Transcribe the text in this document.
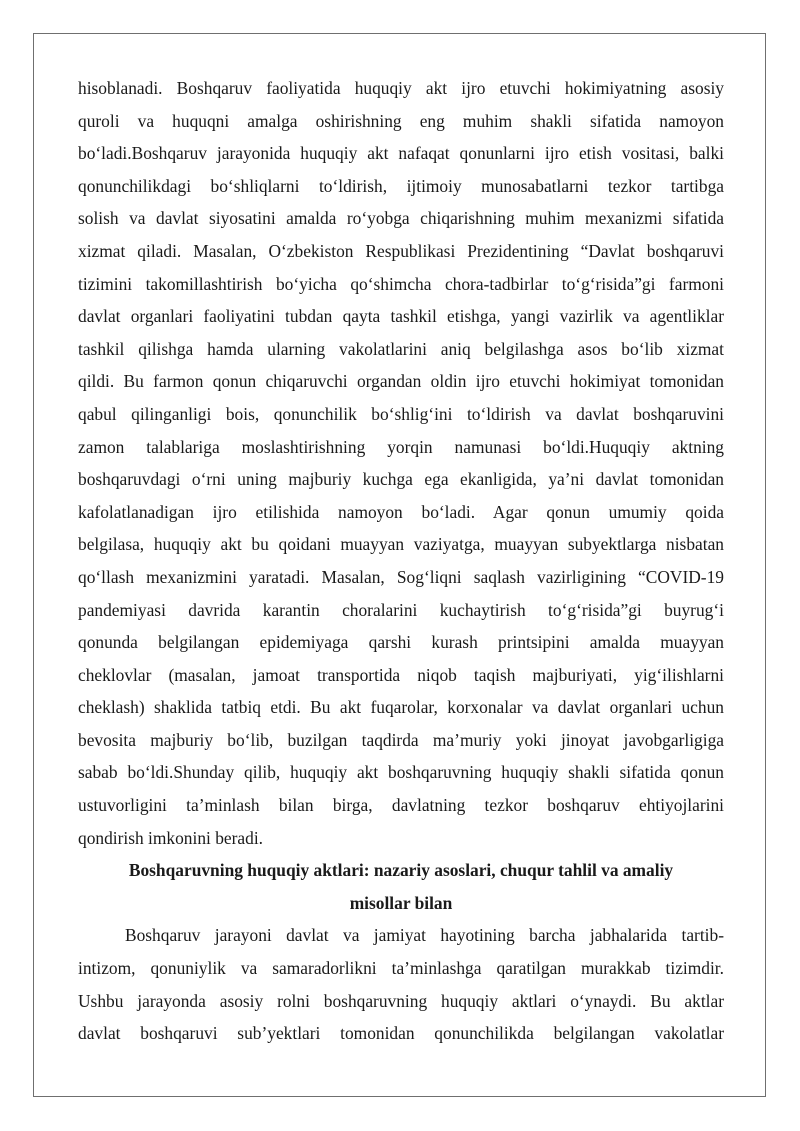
hisoblanadi. Boshqaruv faoliyatida huquqiy akt ijro etuvchi hokimiyatning asosiy
quroli va huquqni amalga oshirishning eng muhim shakli sifatida namoyon
bo‘ladi.Boshqaruv jarayonida huquqiy akt nafaqat qonunlarni ijro etish vositasi, balki
qonunchilikdagi bo‘shliqlarni to‘ldirish, ijtimoiy munosabatlarni tezkor tartibga
solish va davlat siyosatini amalda ro‘yobga chiqarishning muhim mexanizmi sifatida
xizmat qiladi. Masalan, O‘zbekiston Respublikasi Prezidentining “Davlat boshqaruvi
tizimini takomillashtirish bo‘yicha qo‘shimcha chora-tadbirlar to‘g‘risida”gi farmoni
davlat organlari faoliyatini tubdan qayta tashkil etishga, yangi vazirlik va agentliklar
tashkil qilishga hamda ularning vakolatlarini aniq belgilashga asos bo‘lib xizmat
qildi. Bu farmon qonun chiqaruvchi organdan oldin ijro etuvchi hokimiyat tomonidan
qabul qilinganligi bois, qonunchilik bo‘shlig‘ini to‘ldirish va davlat boshqaruvini
zamon talablariga moslashtirishning yorqin namunasi bo‘ldi.Huquqiy aktning
boshqaruvdagi o‘rni uning majburiy kuchga ega ekanligida, ya’ni davlat tomonidan
kafolatlanadigan ijro etilishida namoyon bo‘ladi. Agar qonun umumiy qoida
belgilasa, huquqiy akt bu qoidani muayyan vaziyatga, muayyan subyektlarga nisbatan
qo‘llash mexanizmini yaratadi. Masalan, Sog‘liqni saqlash vazirligining “COVID-19
pandemiyasi davrida karantin choralarini kuchaytirish to‘g‘risida”gi buyrug‘i
qonunda belgilangan epidemiyaga qarshi kurash printsipini amalda muayyan
cheklovlar (masalan, jamoat transportida niqob taqish majburiyati, yig‘ilishlarni
cheklash) shaklida tatbiq etdi. Bu akt fuqarolar, korxonalar va davlat organlari uchun
bevosita majburiy bo‘lib, buzilgan taqdirda ma’muriy yoki jinoyat javobgarligiga
sabab bo‘ldi.Shunday qilib, huquqiy akt boshqaruvning huquqiy shakli sifatida qonun
ustuvorligini ta’minlash bilan birga, davlatning tezkor boshqaruv ehtiyojlarini
qondirish imkonini beradi.
Boshqaruvning huquqiy aktlari: nazariy asoslari, chuqur tahlil va amaliy
misollar bilan
Boshqaruv jarayoni davlat va jamiyat hayotining barcha jabhalarida tartib-
intizom, qonuniylik va samaradorlikni ta’minlashga qaratilgan murakkab tizimdir.
Ushbu jarayonda asosiy rolni boshqaruvning huquqiy aktlari o‘ynaydi. Bu aktlar
davlat boshqaruvi sub’yektlari tomonidan qonunchilikda belgilangan vakolatlar
